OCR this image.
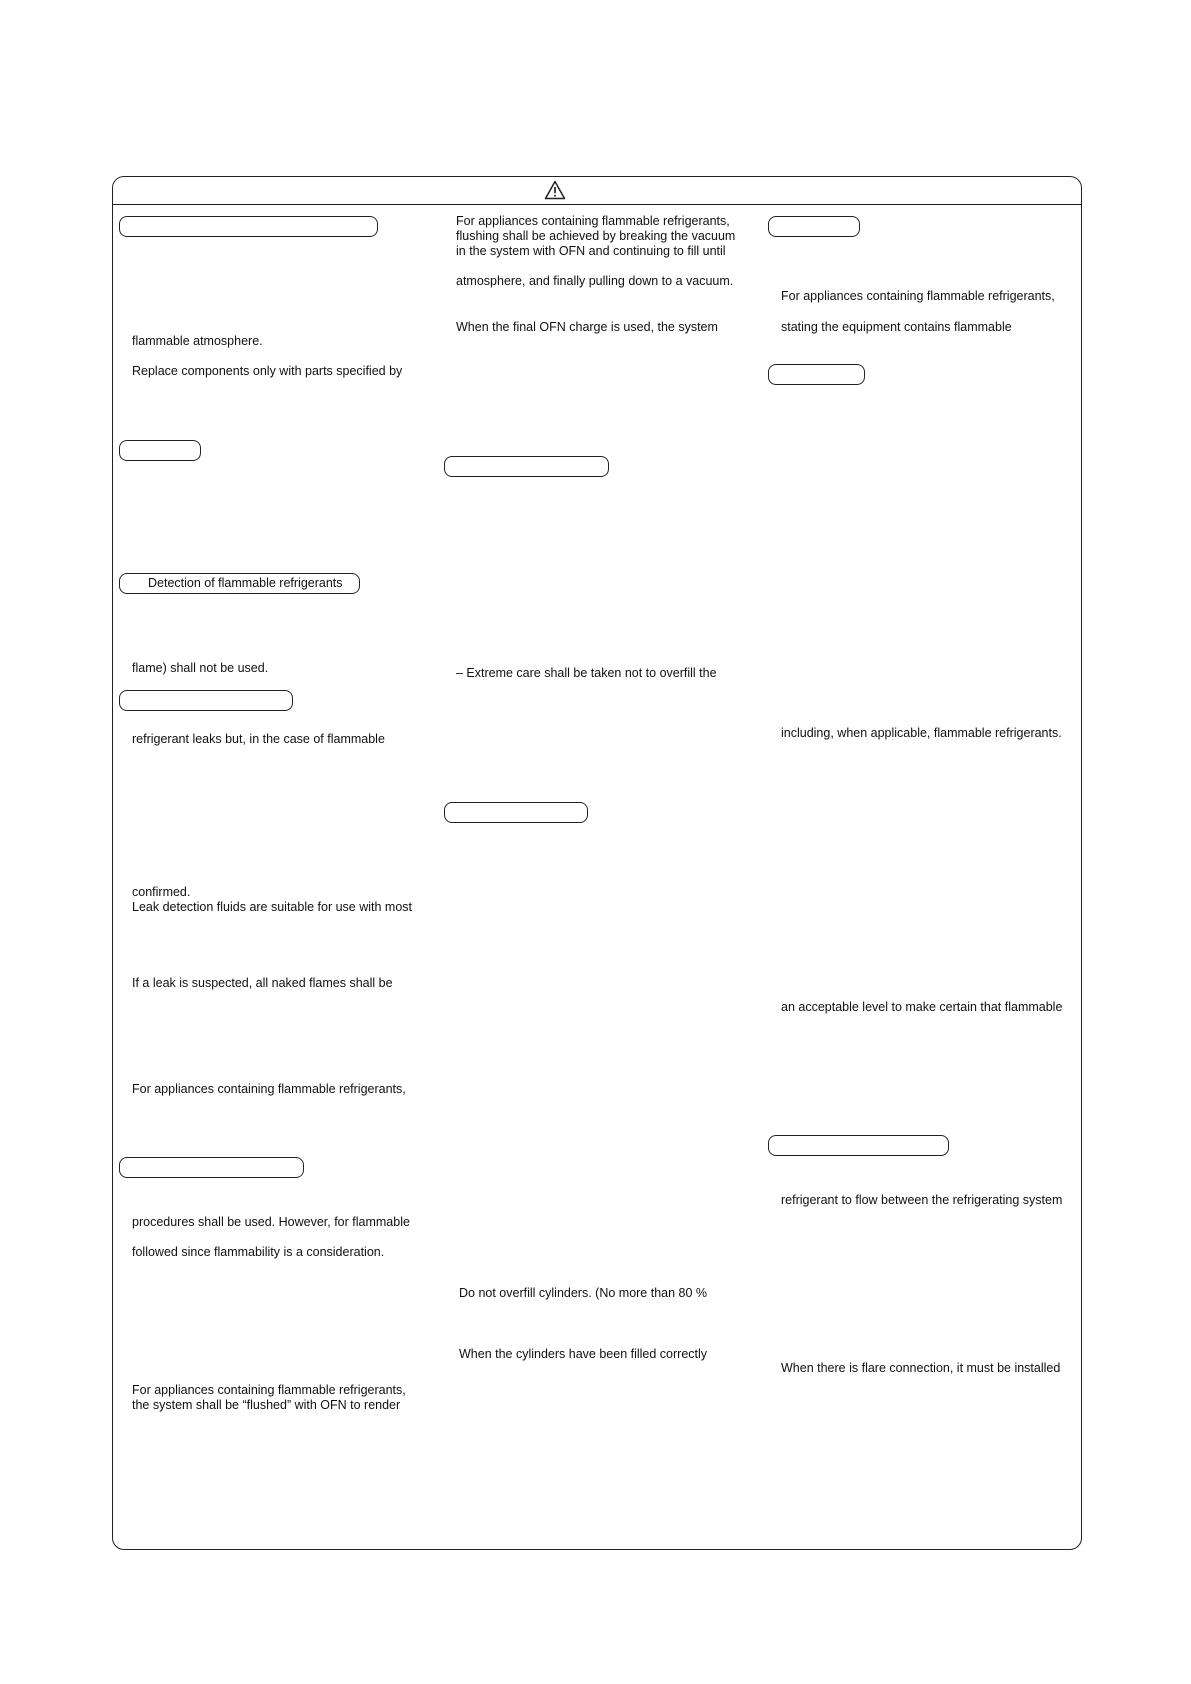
flammable atmosphere.
Replace components only with parts specified by
Detection of flammable refrigerants
flame) shall not be used.
refrigerant leaks but, in the case of flammable
confirmed.
Leak detection fluids are suitable for use with most
If a leak is suspected, all naked flames shall be
For appliances containing flammable refrigerants,
procedures shall be used. However, for flammable
followed since flammability is a consideration.
For appliances containing flammable refrigerants,
the system shall be “flushed” with OFN to render
For appliances containing flammable refrigerants,
flushing shall be achieved by breaking the vacuum
in the system with OFN and continuing to fill until
atmosphere, and finally pulling down to a vacuum.
When the final OFN charge is used, the system
– Extreme care shall be taken not to overfill the
Do not overfill cylinders. (No more than 80 %
When the cylinders have been filled correctly
For appliances containing flammable refrigerants,
stating the equipment contains flammable
including, when applicable, flammable refrigerants.
an acceptable level to make certain that flammable
refrigerant to flow between the refrigerating system
When there is flare connection, it must be installed
